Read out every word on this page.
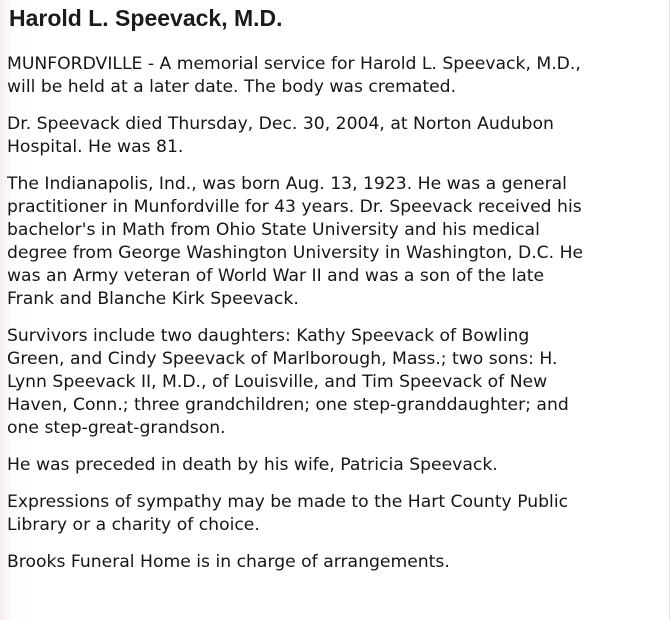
Harold L. Speevack, M.D.

MUNFORDVILLE - A memorial service for Harold L. Speevack, M.D.,
will be held at a later date. The body was cremated.

Dr. Speevack died Thursday, Dec. 30, 2004, at Norton Audubon
Hospital. He was 81.

The Indianapolis, Ind., was born Aug. 13, 1923. He was a general
practitioner in Munfordville for 43 years. Dr. Speevack received his
bachelor's in Math from Ohio State University and his medical
degree from George Washington University in Washington, D.C. He
was an Army veteran of World War II and was a son of the late
Frank and Blanche Kirk Speevack.

Survivors include two daughters: Kathy Speevack of Bowling
Green, and Cindy Speevack of Marlborough, Mass.; two sons: H.
Lynn Speevack II, M.D., of Louisville, and Tim Speevack of New
Haven, Conn.; three grandchildren; one step-granddaughter; and
one step-great-grandson.

He was preceded in death by his wife, Patricia Speevack.

Expressions of sympathy may be made to the Hart County Public
Library or a charity of choice.

Brooks Funeral Home is in charge of arrangements.
